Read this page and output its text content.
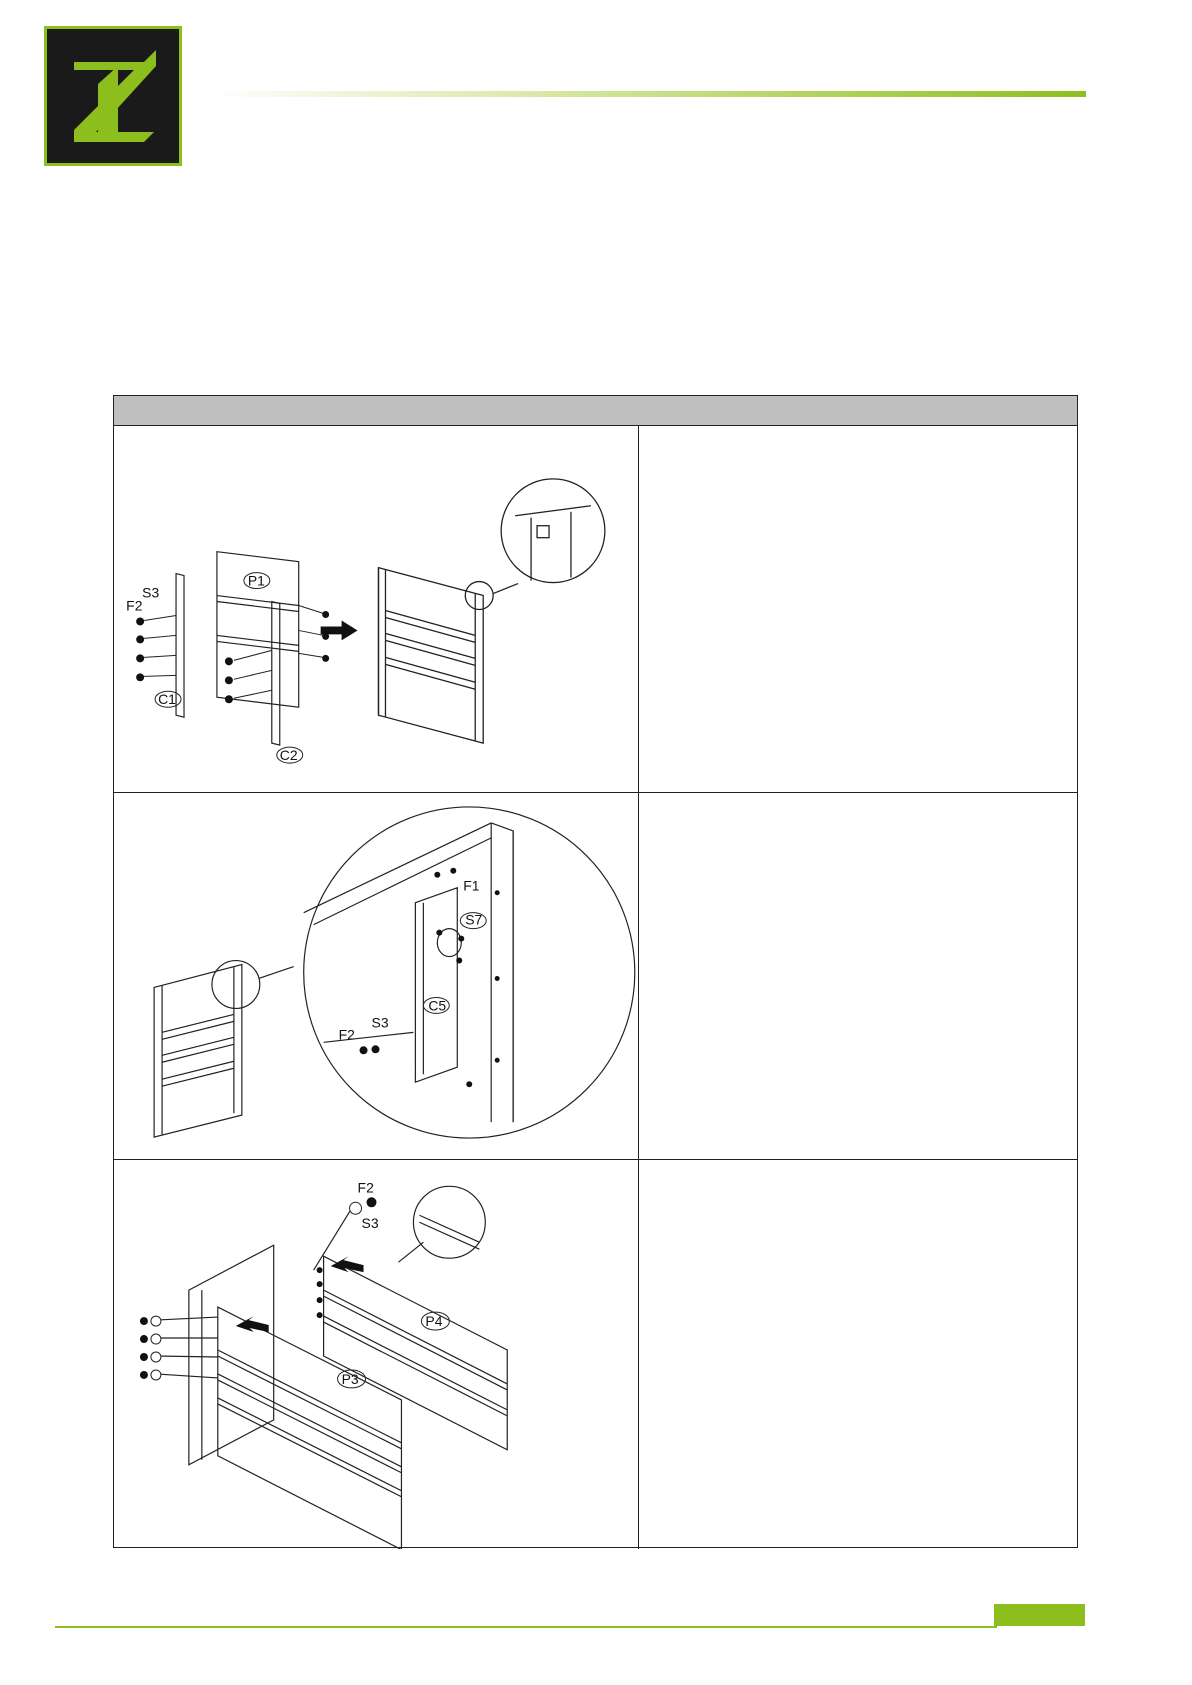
P1
C1
C2
F2
S3
F1
S7
C5
F2
S3
F2
S3
P3
P4
